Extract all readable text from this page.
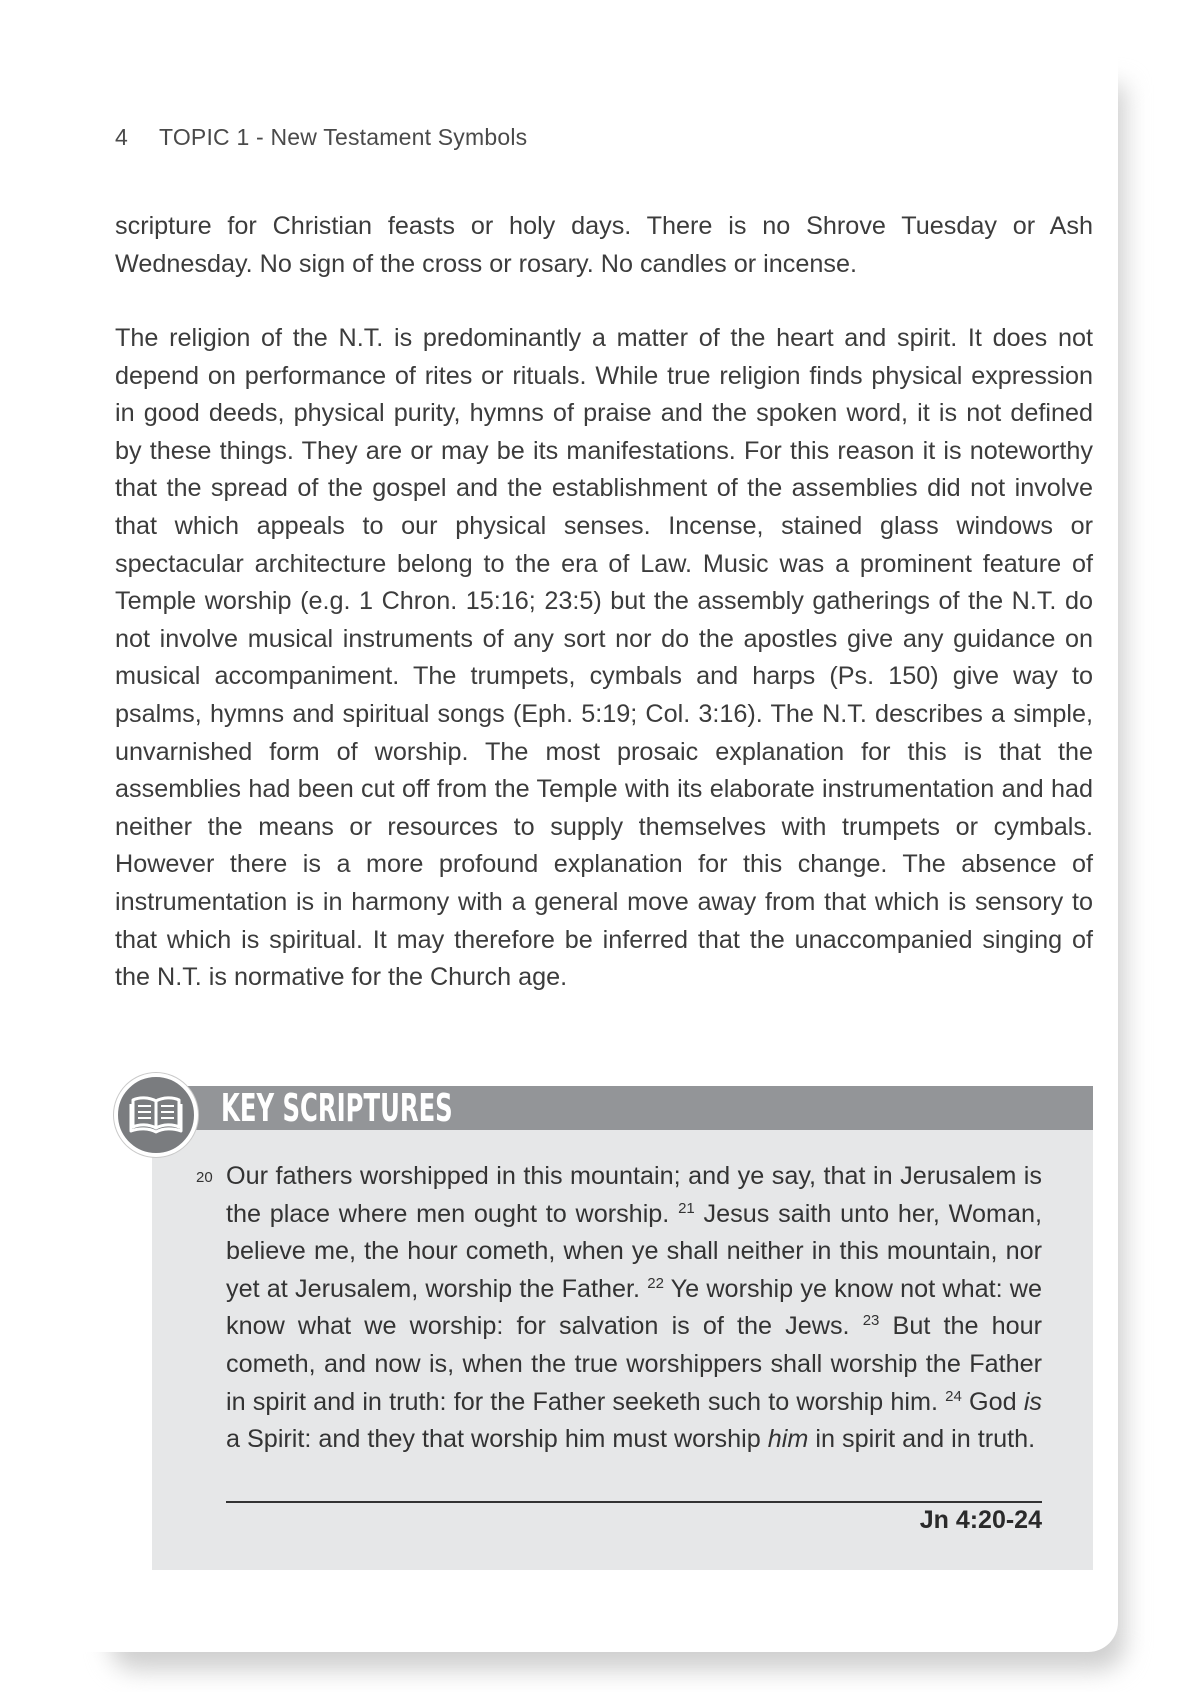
4 TOPIC 1 - New Testament Symbols

scripture for Christian feasts or holy days. There is no Shrove Tuesday or Ash Wednesday. No sign of the cross or rosary. No candles or incense.

The religion of the N.T. is predominantly a matter of the heart and spirit. It does not depend on performance of rites or rituals. While true religion finds physical expression in good deeds, physical purity, hymns of praise and the spoken word, it is not defined by these things. They are or may be its manifestations. For this reason it is noteworthy that the spread of the gospel and the establishment of the assemblies did not involve that which appeals to our physical senses. Incense, stained glass windows or spectacular architecture belong to the era of Law. Music was a prominent feature of Temple worship (e.g. 1 Chron. 15:16; 23:5) but the assembly gatherings of the N.T. do not involve musical instruments of any sort nor do the apostles give any guidance on musical accompaniment. The trumpets, cymbals and harps (Ps. 150) give way to psalms, hymns and spiritual songs (Eph. 5:19; Col. 3:16). The N.T. describes a simple, unvarnished form of worship. The most prosaic explanation for this is that the assemblies had been cut off from the Temple with its elaborate instrumentation and had neither the means or resources to supply themselves with trumpets or cymbals. However there is a more profound explanation for this change. The absence of instrumentation is in harmony with a general move away from that which is sensory to that which is spiritual. It may therefore be inferred that the unaccompanied singing of the N.T. is normative for the Church age.

KEY SCRIPTURES

Our fathers worshipped in this mountain; and ye say, that in Jerusalem is the place where men ought to worship. $^{21}$ Jesus saith unto her, Woman, believe me, the hour cometh, when ye shall neither in this mountain, nor yet at Jerusalem, worship the Father. $^{22}$ Ye worship ye know not what: we know what we worship: for salvation is of the Jews. $^{23}$ But the hour cometh, and now is, when the true worshippers shall worship the Father in spirit and in truth: for the Father seeketh such to worship him. $^{24}$ God is a Spirit: and they that worship him must worship him in spirit and in truth.

Jn 4:20-24
